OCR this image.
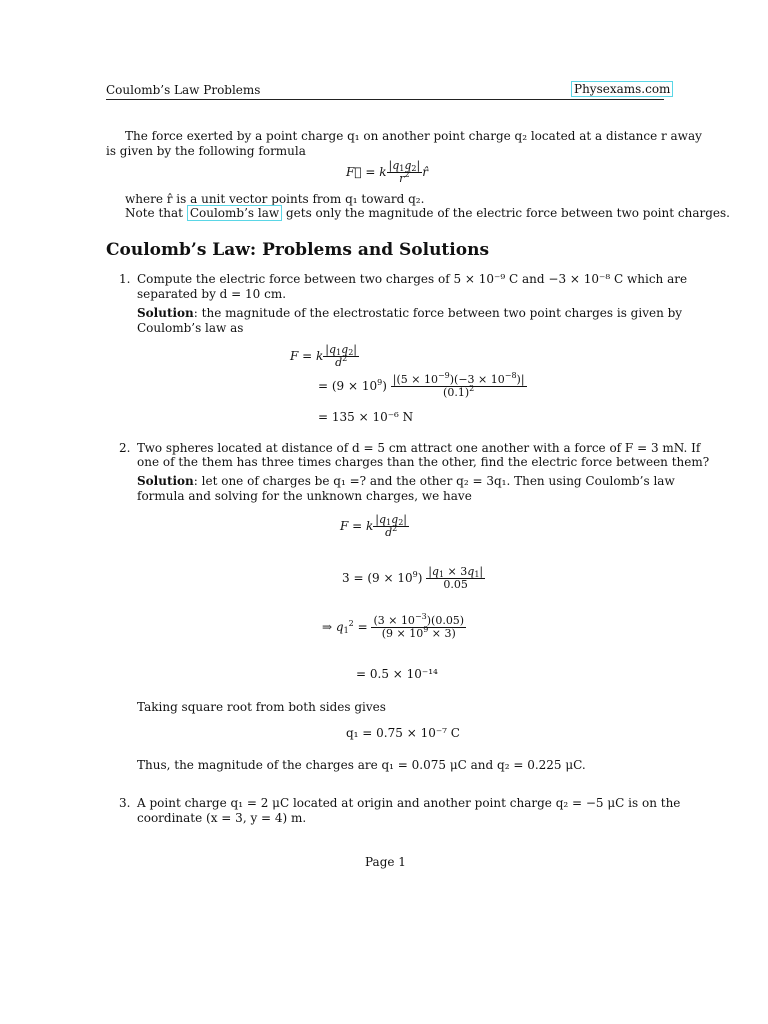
Coulomb’s Law Problems	Physexams.com
The force exerted by a point charge q₁ on another point charge q₂ located at a distance r away
is given by the following formula
F⃗ = k $\frac{|q_1q_2|}{r^2}$ r̂
where r̂ is a unit vector points from q₁ toward q₂.
Note that Coulomb’s law gets only the magnitude of the electric force between two point charges.
Coulomb’s Law: Problems and Solutions
1. Compute the electric force between two charges of 5 × 10⁻⁹ C and −3 × 10⁻⁸ C which are
separated by d = 10 cm.
Solution: the magnitude of the electrostatic force between two point charges is given by
Coulomb’s law as
F = k $\frac{|q_1q_2|}{d^2}$
= $(9 \times 10^9) \frac{|(5 \times 10^{-9})(-3 \times 10^{-8})|}{(0.1)^2}$
= 135 × 10⁻⁶ N
2. Two spheres located at distance of d = 5 cm attract one another with a force of F = 3 mN. If
one of the them has three times charges than the other, find the electric force between them?
Solution: let one of charges be q₁ =? and the other q₂ = 3q₁. Then using Coulomb’s law
formula and solving for the unknown charges, we have
F = k $\frac{|q_1q_2|}{d^2}$
$3 = (9 \times 10^9) \frac{|q_1 \times 3q_1|}{0.05}$
⇒ $q_1^2 = \frac{(3 \times 10^{-3})(0.05)}{(9 \times 10^9 \times 3)}$
= 0.5 × 10⁻¹⁴
Taking square root from both sides gives
q₁ = 0.75 × 10⁻⁷ C
Thus, the magnitude of the charges are q₁ = 0.075 μC and q₂ = 0.225 μC.
3. A point charge q₁ = 2 μC located at origin and another point charge q₂ = −5 μC is on the
coordinate (x = 3, y = 4) m.
Page 1
